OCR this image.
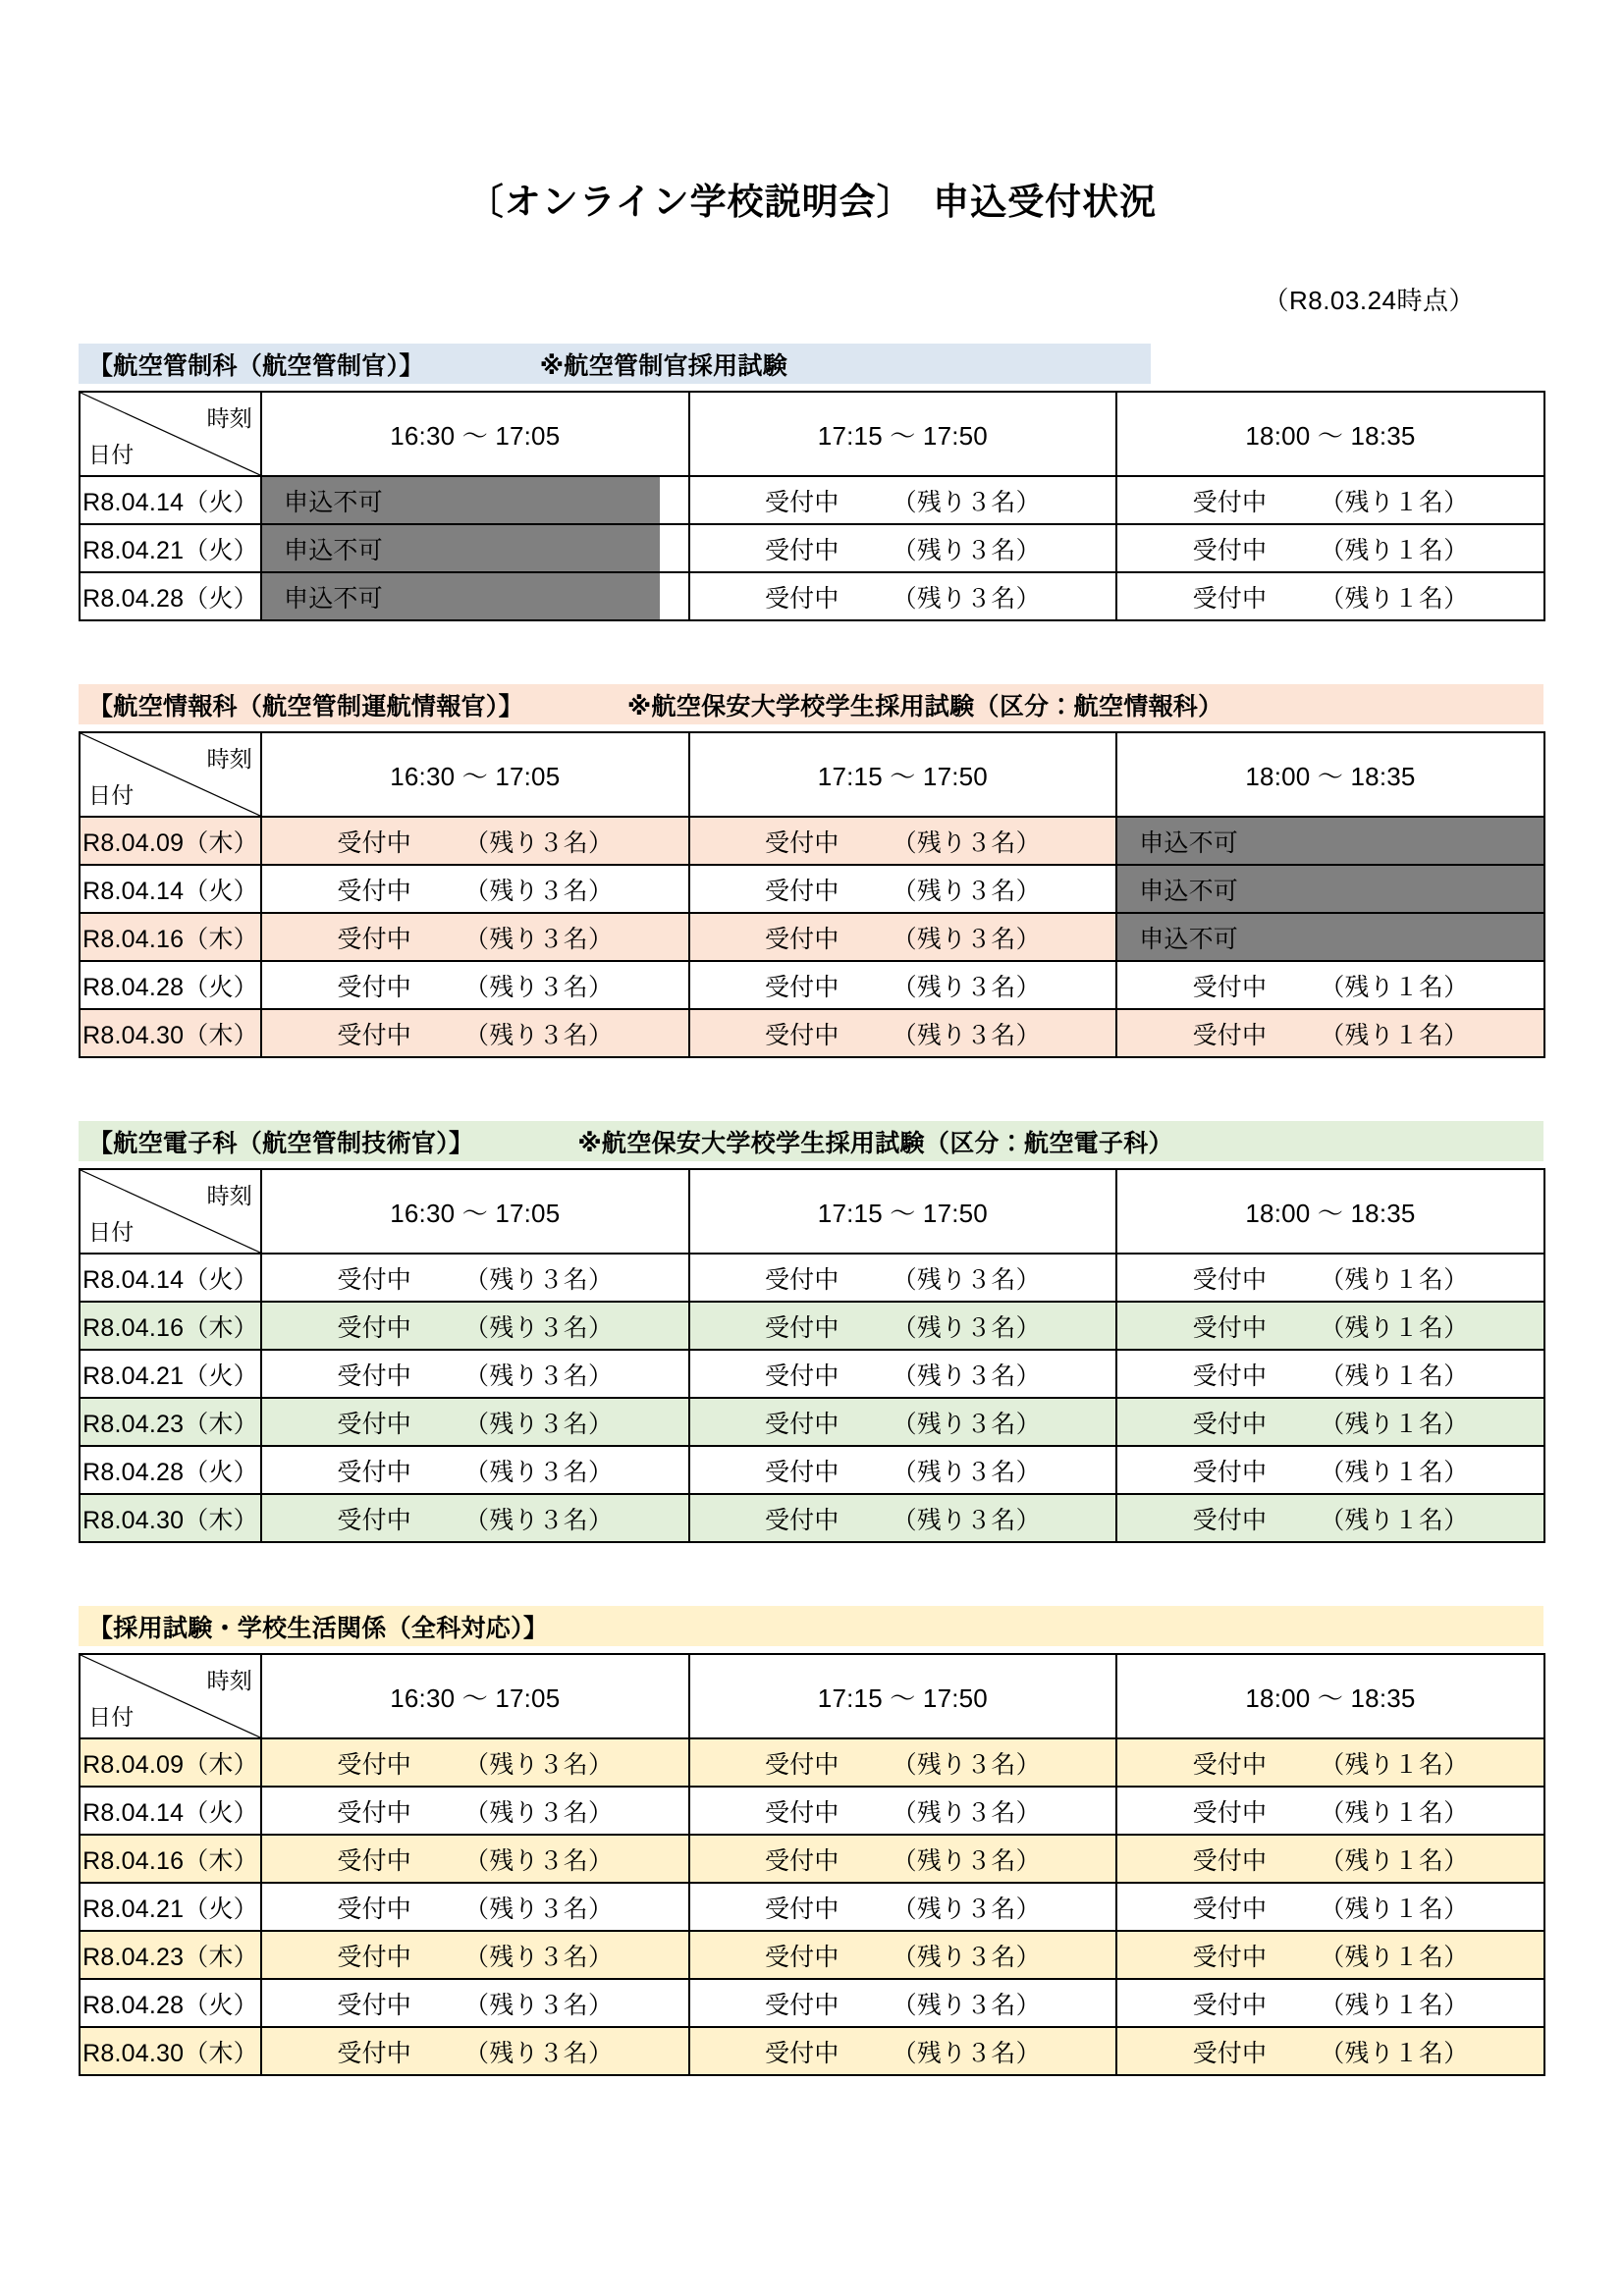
〔オンライン学校説明会〕　申込受付状況
（R8.03.24時点）
【航空管制科（航空管制官）】	※航空管制官採用試験
時刻
日付	16:30 ～ 17:05	17:15 ～ 17:50	18:00 ～ 18:35
R8.04.14（火）	申込不可	受付中 （残り３名）	受付中 （残り１名）

R8.04.21（火）	申込不可	受付中 （残り３名）	受付中 （残り１名）

R8.04.28（火）	申込不可	受付中 （残り３名）	受付中 （残り１名）
【航空情報科（航空管制運航情報官）】	※航空保安大学校学生採用試験（区分：航空情報科）
時刻
日付	16:30 ～ 17:05	17:15 ～ 17:50	18:00 ～ 18:35
R8.04.09（木）	受付中 （残り３名）	受付中 （残り３名）	申込不可

R8.04.14（火）	受付中 （残り３名）	受付中 （残り３名）	申込不可

R8.04.16（木）	受付中 （残り３名）	受付中 （残り３名）	申込不可

R8.04.28（火）	受付中 （残り３名）	受付中 （残り３名）	受付中 （残り１名）

R8.04.30（木）	受付中 （残り３名）	受付中 （残り３名）	受付中 （残り１名）
【航空電子科（航空管制技術官）】	※航空保安大学校学生採用試験（区分：航空電子科）
時刻
日付	16:30 ～ 17:05	17:15 ～ 17:50	18:00 ～ 18:35
R8.04.14（火）	受付中 （残り３名）	受付中 （残り３名）	受付中 （残り１名）

R8.04.16（木）	受付中 （残り３名）	受付中 （残り３名）	受付中 （残り１名）

R8.04.21（火）	受付中 （残り３名）	受付中 （残り３名）	受付中 （残り１名）

R8.04.23（木）	受付中 （残り３名）	受付中 （残り３名）	受付中 （残り１名）

R8.04.28（火）	受付中 （残り３名）	受付中 （残り３名）	受付中 （残り１名）

R8.04.30（木）	受付中 （残り３名）	受付中 （残り３名）	受付中 （残り１名）
【採用試験・学校生活関係（全科対応）】
時刻
日付	16:30 ～ 17:05	17:15 ～ 17:50	18:00 ～ 18:35
R8.04.09（木）	受付中 （残り３名）	受付中 （残り３名）	受付中 （残り１名）

R8.04.14（火）	受付中 （残り３名）	受付中 （残り３名）	受付中 （残り１名）

R8.04.16（木）	受付中 （残り３名）	受付中 （残り３名）	受付中 （残り１名）

R8.04.21（火）	受付中 （残り３名）	受付中 （残り３名）	受付中 （残り１名）

R8.04.23（木）	受付中 （残り３名）	受付中 （残り３名）	受付中 （残り１名）

R8.04.28（火）	受付中 （残り３名）	受付中 （残り３名）	受付中 （残り１名）

R8.04.30（木）	受付中 （残り３名）	受付中 （残り３名）	受付中 （残り１名）
